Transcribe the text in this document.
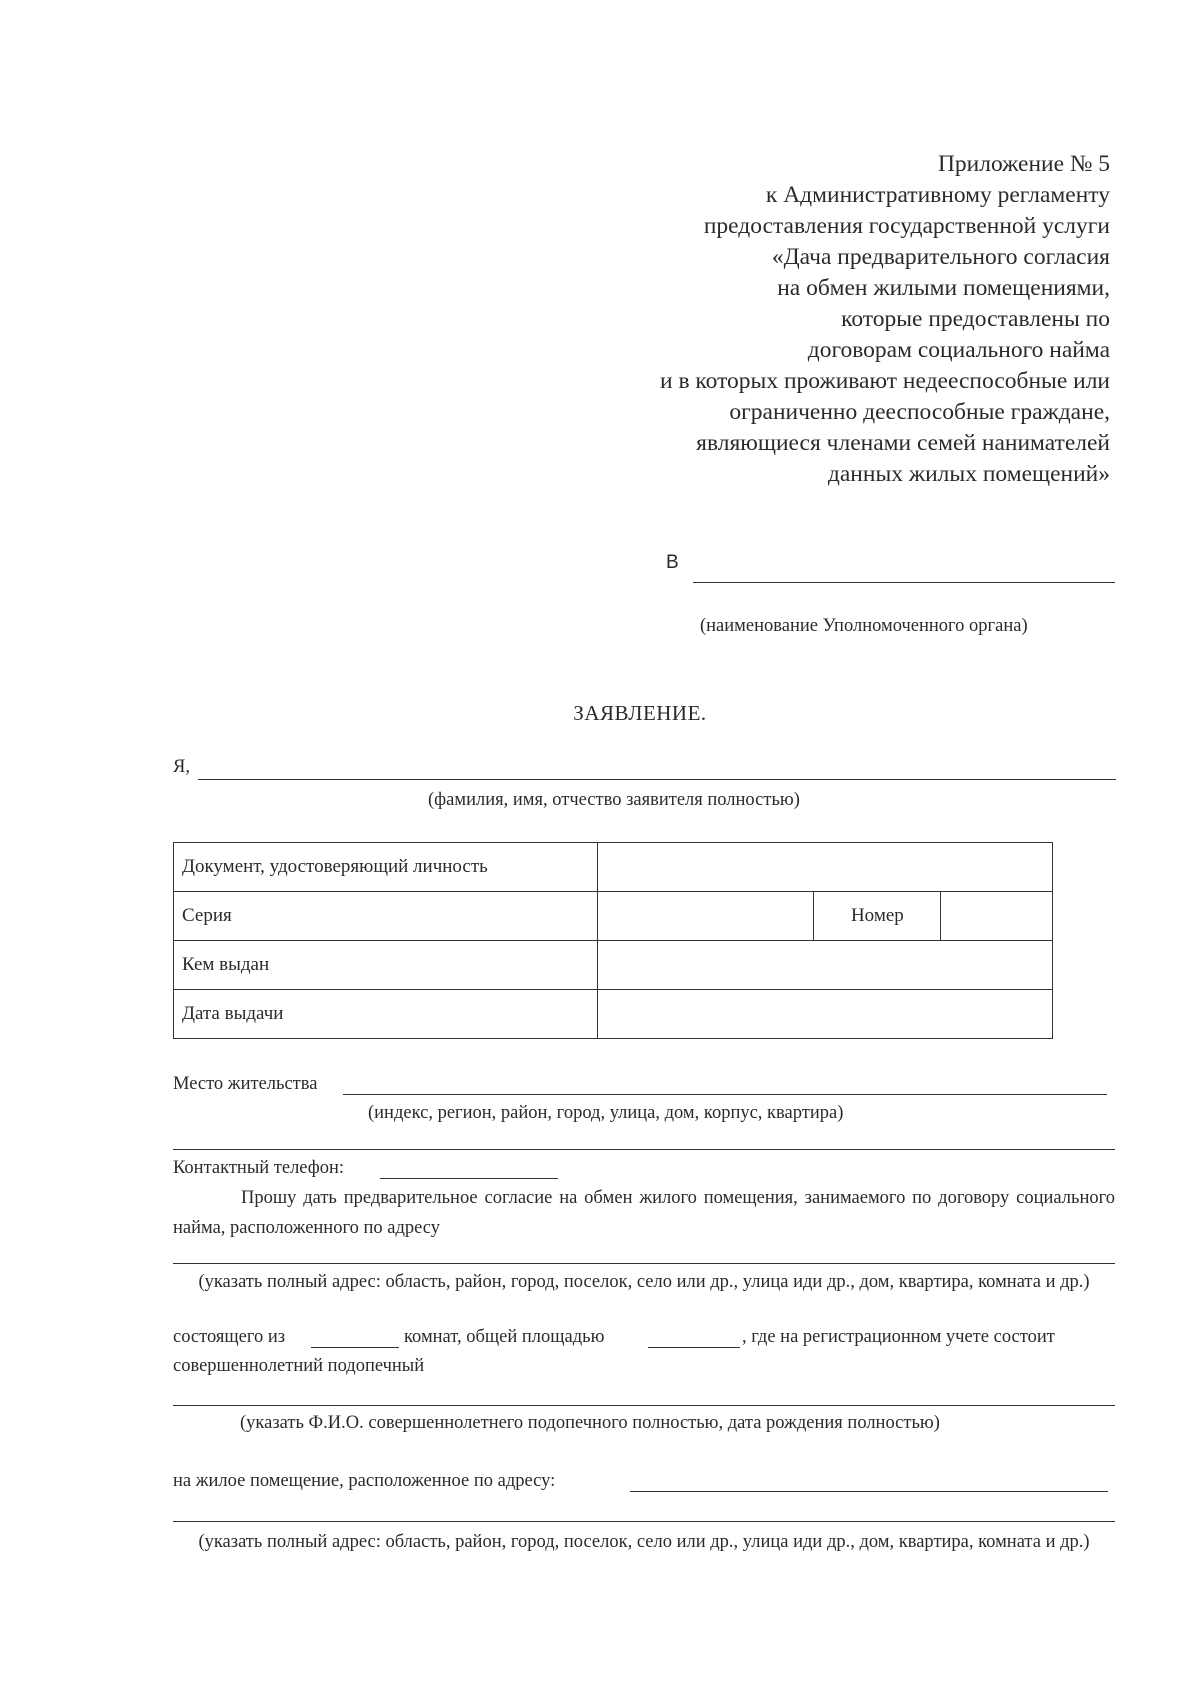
Приложение № 5
к Административному регламенту
предоставления государственной услуги
«Дача предварительного согласия
на обмен жилыми помещениями,
которые предоставлены по
договорам социального найма
и в которых проживают недееспособные или
ограниченно дееспособные граждане,
являющиеся членами семей нанимателей
данных жилых помещений»
В
(наименование Уполномоченного органа)
ЗАЯВЛЕНИЕ.
Я,
(фамилия, имя, отчество заявителя полностью)
Документ, удостоверяющий личность			
Серия		Номер	
Кем выдан			
Дата выдачи			
Место жительства
(индекс, регион, район, город, улица, дом, корпус, квартира)
Контактный телефон:
Прошу дать предварительное согласие на обмен жилого помещения, занимаемого по договору социального найма, расположенного по адресу
(указать полный адрес: область, район, город, поселок, село или др., улица иди др., дом, квартира, комната и др.)
состоящего из	комнат, общей площадью	, где на регистрационном учете состоит
совершеннолетний подопечный
(указать Ф.И.О. совершеннолетнего подопечного полностью, дата рождения полностью)
на жилое помещение, расположенное по адресу:
(указать полный адрес: область, район, город, поселок, село или др., улица иди др., дом, квартира, комната и др.)
